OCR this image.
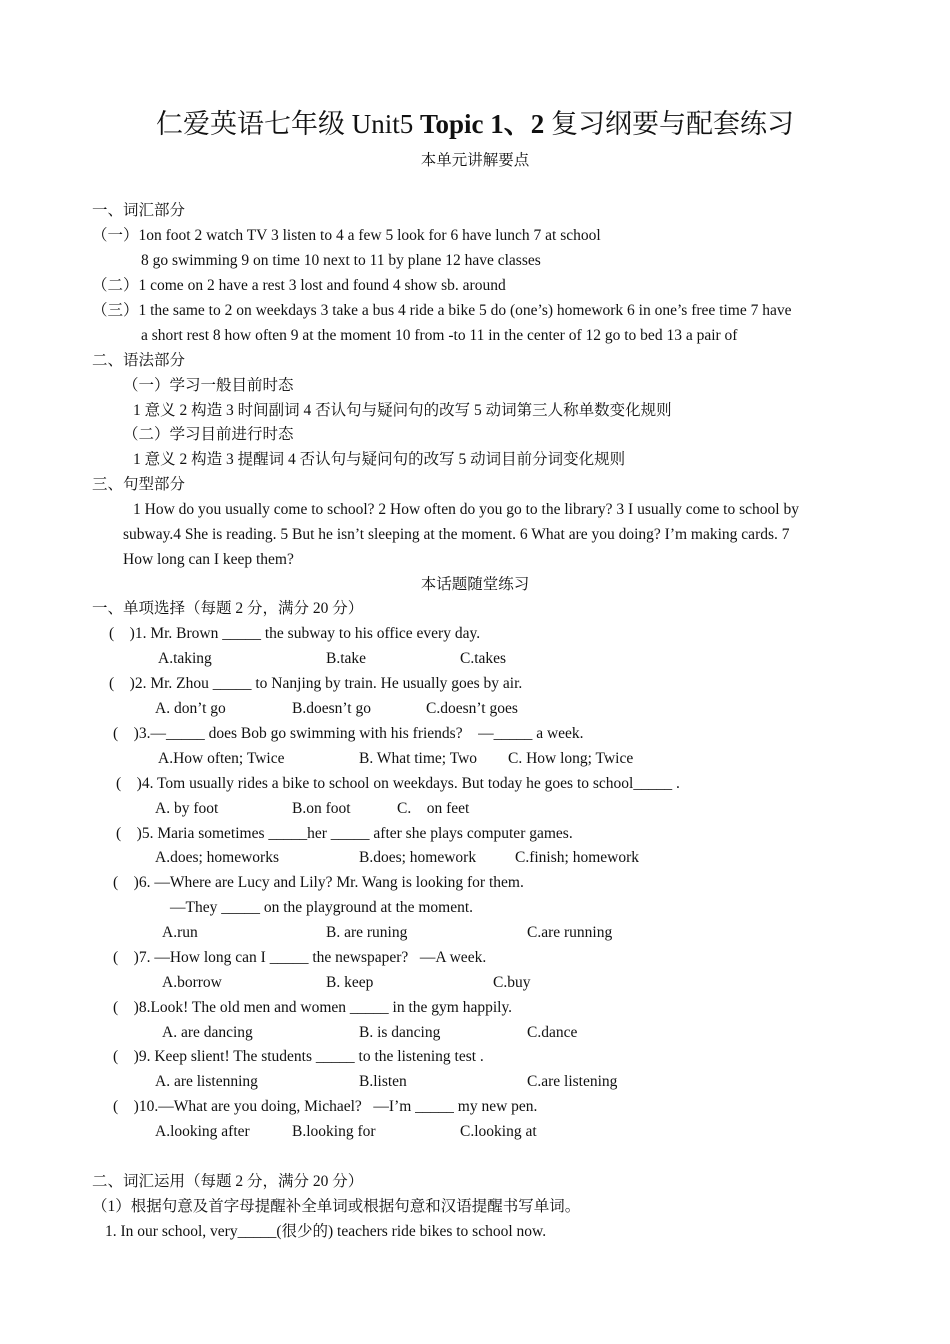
仁爱英语七年级 Unit5 Topic 1、2 复习纲要与配套练习
本单元讲解要点
一、词汇部分
（一）1on foot 2 watch TV 3 listen to 4 a few 5 look for 6 have lunch 7 at school
8 go swimming 9 on time 10 next to 11 by plane 12 have classes
（二）1 come on 2 have a rest 3 lost and found 4 show sb. around
（三）1 the same to 2 on weekdays 3 take a bus 4 ride a bike 5 do (one’s) homework 6 in one’s free time 7 have
a short rest 8 how often 9 at the moment 10 from -to 11 in the center of 12 go to bed 13 a pair of
二、语法部分
（一）学习一般目前时态
1 意义 2 构造 3 时间副词 4 否认句与疑问句的改写 5 动词第三人称单数变化规则
（二）学习目前进行时态
1 意义 2 构造 3 提醒词 4 否认句与疑问句的改写 5 动词目前分词变化规则
三、句型部分
1 How do you usually come to school? 2 How often do you go to the library? 3 I usually come to school by
subway.4 She is reading. 5 But he isn’t sleeping at the moment. 6 What are you doing? I’m making cards. 7
How long can I keep them?
本话题随堂练习
一、单项选择（每题 2 分，满分 20 分）
(    )1. Mr. Brown _____ the subway to his office every day.
A.taking	B.take	C.takes
(    )2. Mr. Zhou _____ to Nanjing by train. He usually goes by air.
A. don’t go	B.doesn’t go	C.doesn’t goes
(    )3.—_____ does Bob go swimming with his friends?    —_____ a week.
A.How often; Twice	B. What time; Two C. How long; Twice
(    )4. Tom usually rides a bike to school on weekdays. But today he goes to school_____ .
A. by foot	B.on foot	C.    on feet
(    )5. Maria sometimes _____her _____ after she plays computer games.
A.does; homeworks	B.does; homework	C.finish; homework
(    )6. —Where are Lucy and Lily? Mr. Wang is looking for them.
—They _____ on the playground at the moment.
A.run	B. are runing	C.are running
(    )7. —How long can I _____ the newspaper?   —A week.
A.borrow	B. keep	C.buy
(    )8.Look! The old men and women _____ in the gym happily.
A. are dancing	B. is dancing	C.dance
(    )9. Keep slient! The students _____ to the listening test .
A. are listenning	B.listen	C.are listening
(    )10.—What are you doing, Michael?   —I’m _____ my new pen.
A.looking after	B.looking for	C.looking at
二、词汇运用（每题 2 分，满分 20 分）
（1）根据句意及首字母提醒补全单词或根据句意和汉语提醒书写单词。
1. In our school, very_____(很少的) teachers ride bikes to school now.
